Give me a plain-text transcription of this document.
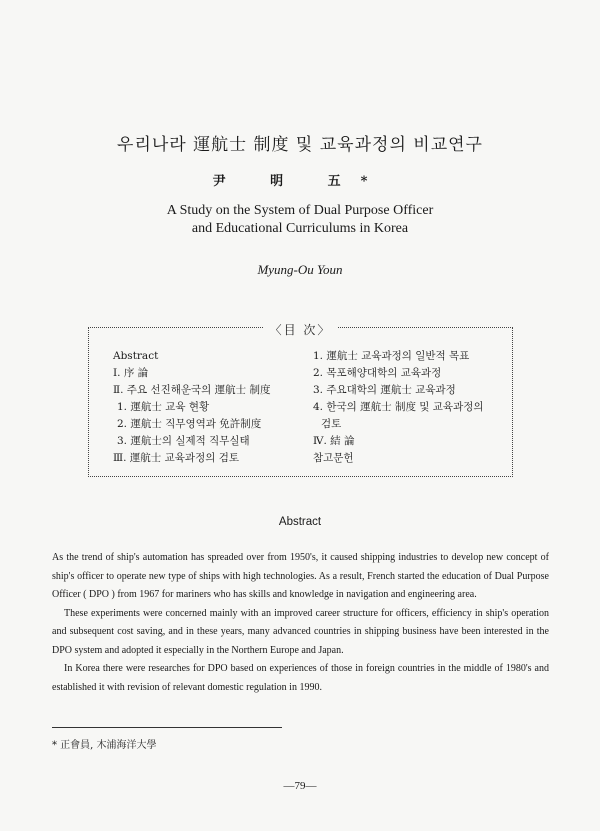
우리나라 運航士 制度 및 교육과정의 비교연구
尹 明 五*
A Study on the System of Dual Purpose Officer
and Educational Curriculums in Korea
Myung-Ou Youn
〈目 次〉
Abstract
Ⅰ. 序 論
Ⅱ. 주요 선진해운국의 運航士 制度
1. 運航士 교육 현황
2. 運航士 직무영역과 免許制度
3. 運航士의 실제적 직무실태
Ⅲ. 運航士 교육과정의 검토
1. 運航士 교육과정의 일반적 목표
2. 목포해양대학의 교육과정
3. 주요대학의 運航士 교육과정
4. 한국의 運航士 制度 및 교육과정의
검토
Ⅳ. 結 論
참고문헌
Abstract

As the trend of ship's automation has spreaded over from 1950's, it caused shipping industries to develop new concept of ship's officer to operate new type of ships with high technologies. As a result, French started the education of Dual Purpose Officer ( DPO ) from 1967 for mariners who has skills and knowledge in navigation and engineering area.

These experiments were concerned mainly with an improved career structure for officers, efficiency in ship's operation and subsequent cost saving, and in these years, many advanced countries in shipping business have been interested in the DPO system and adopted it especially in the Northern Europe and Japan.

In Korea there were researches for DPO based on experiences of those in foreign countries in the middle of 1980's and established it with revision of relevant domestic regulation in 1990.

* 正會員, 木浦海洋大學
—79—
